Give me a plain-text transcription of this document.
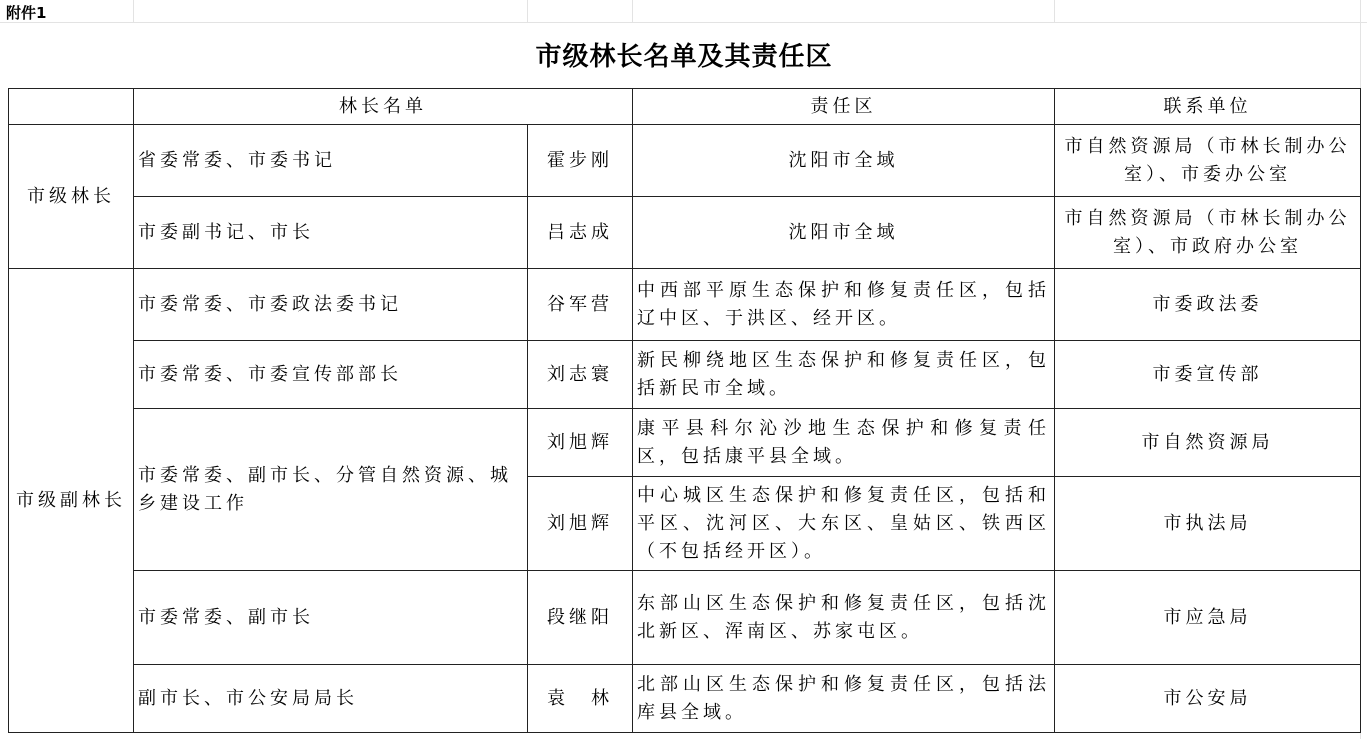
附件1
市级林长名单及其责任区
	林长名单		责任区	联系单位
市级林长	省委常委、市委书记	霍步刚	沈阳市全域	市自然资源局（市林长制办公室）、市委办公室
	市委副书记、市长	吕志成	沈阳市全域	市自然资源局（市林长制办公室）、市政府办公室
市级副林长	市委常委、市委政法委书记	谷军营	中西部平原生态保护和修复责任区，包括辽中区、于洪区、经开区。	市委政法委
	市委常委、市委宣传部部长	刘志寰	新民柳绕地区生态保护和修复责任区，包括新民市全域。	市委宣传部
	市委常委、副市长、分管自然资源、城乡建设工作	刘旭辉	康平县科尔沁沙地生态保护和修复责任区，包括康平县全域。	市自然资源局
		刘旭辉	中心城区生态保护和修复责任区，包括和平区、沈河区、大东区、皇姑区、铁西区（不包括经开区）。	市执法局
	市委常委、副市长	段继阳	东部山区生态保护和修复责任区，包括沈北新区、浑南区、苏家屯区。	市应急局
	副市长、市公安局局长	袁　林	北部山区生态保护和修复责任区，包括法库县全域。	市公安局
